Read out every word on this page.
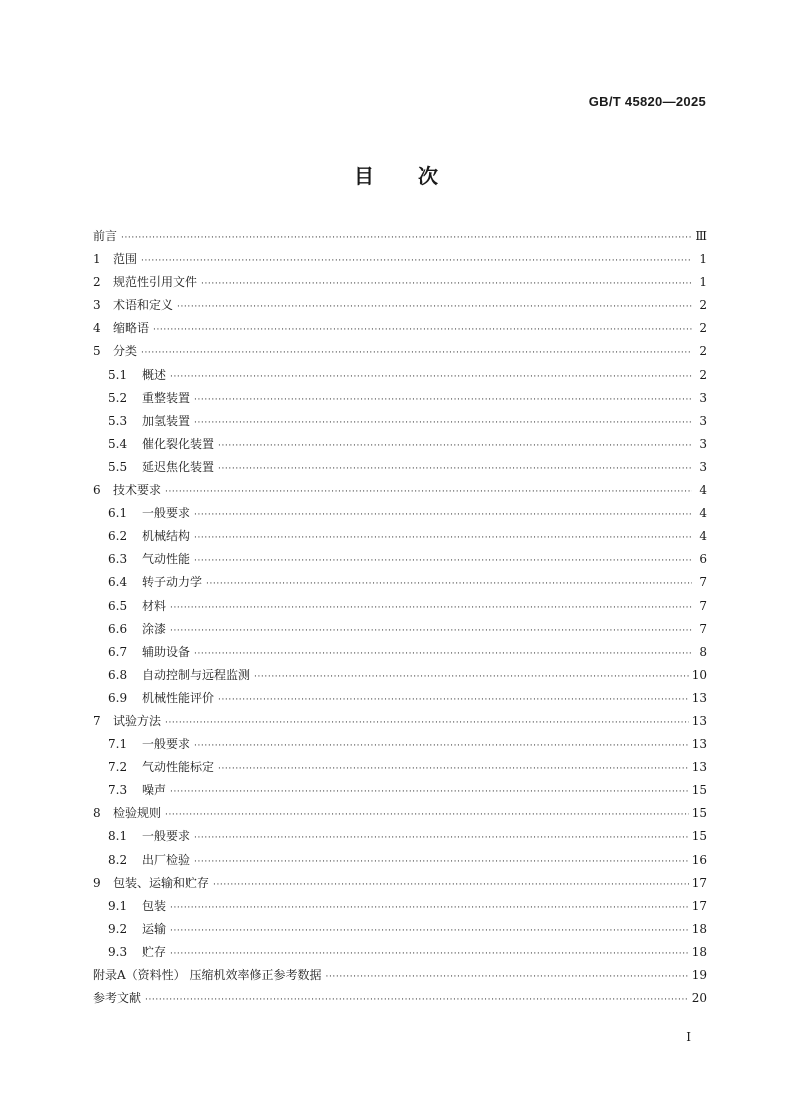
GB/T 45820—2025
目次
前言 ·····	Ⅲ
1	范围 ·····	1
2	规范性引用文件 ·····	1
3	术语和定义 ·····	2
4	缩略语 ·····	2
5	分类 ·····	2
5.1	概述 ·····	2
5.2	重整装置 ·····	3
5.3	加氢装置 ·····	3
5.4	催化裂化装置 ·····	3
5.5	延迟焦化装置 ·····	3
6	技术要求 ·····	4
6.1	一般要求 ·····	4
6.2	机械结构 ·····	4
6.3	气动性能 ·····	6
6.4	转子动力学 ·····	7
6.5	材料 ·····	7
6.6	涂漆 ·····	7
6.7	辅助设备 ·····	8
6.8	自动控制与远程监测 ·····	10
6.9	机械性能评价 ·····	13
7	试验方法 ·····	13
7.1	一般要求 ·····	13
7.2	气动性能标定 ·····	13
7.3	噪声 ·····	15
8	检验规则 ·····	15
8.1	一般要求 ·····	15
8.2	出厂检验 ·····	16
9	包装、运输和贮存 ·····	17
9.1	包装 ·····	17
9.2	运输 ·····	18
9.3	贮存 ·····	18
附录A（资料性） 压缩机效率修正参考数据 ·····	19
参考文献 ·····	20
I
